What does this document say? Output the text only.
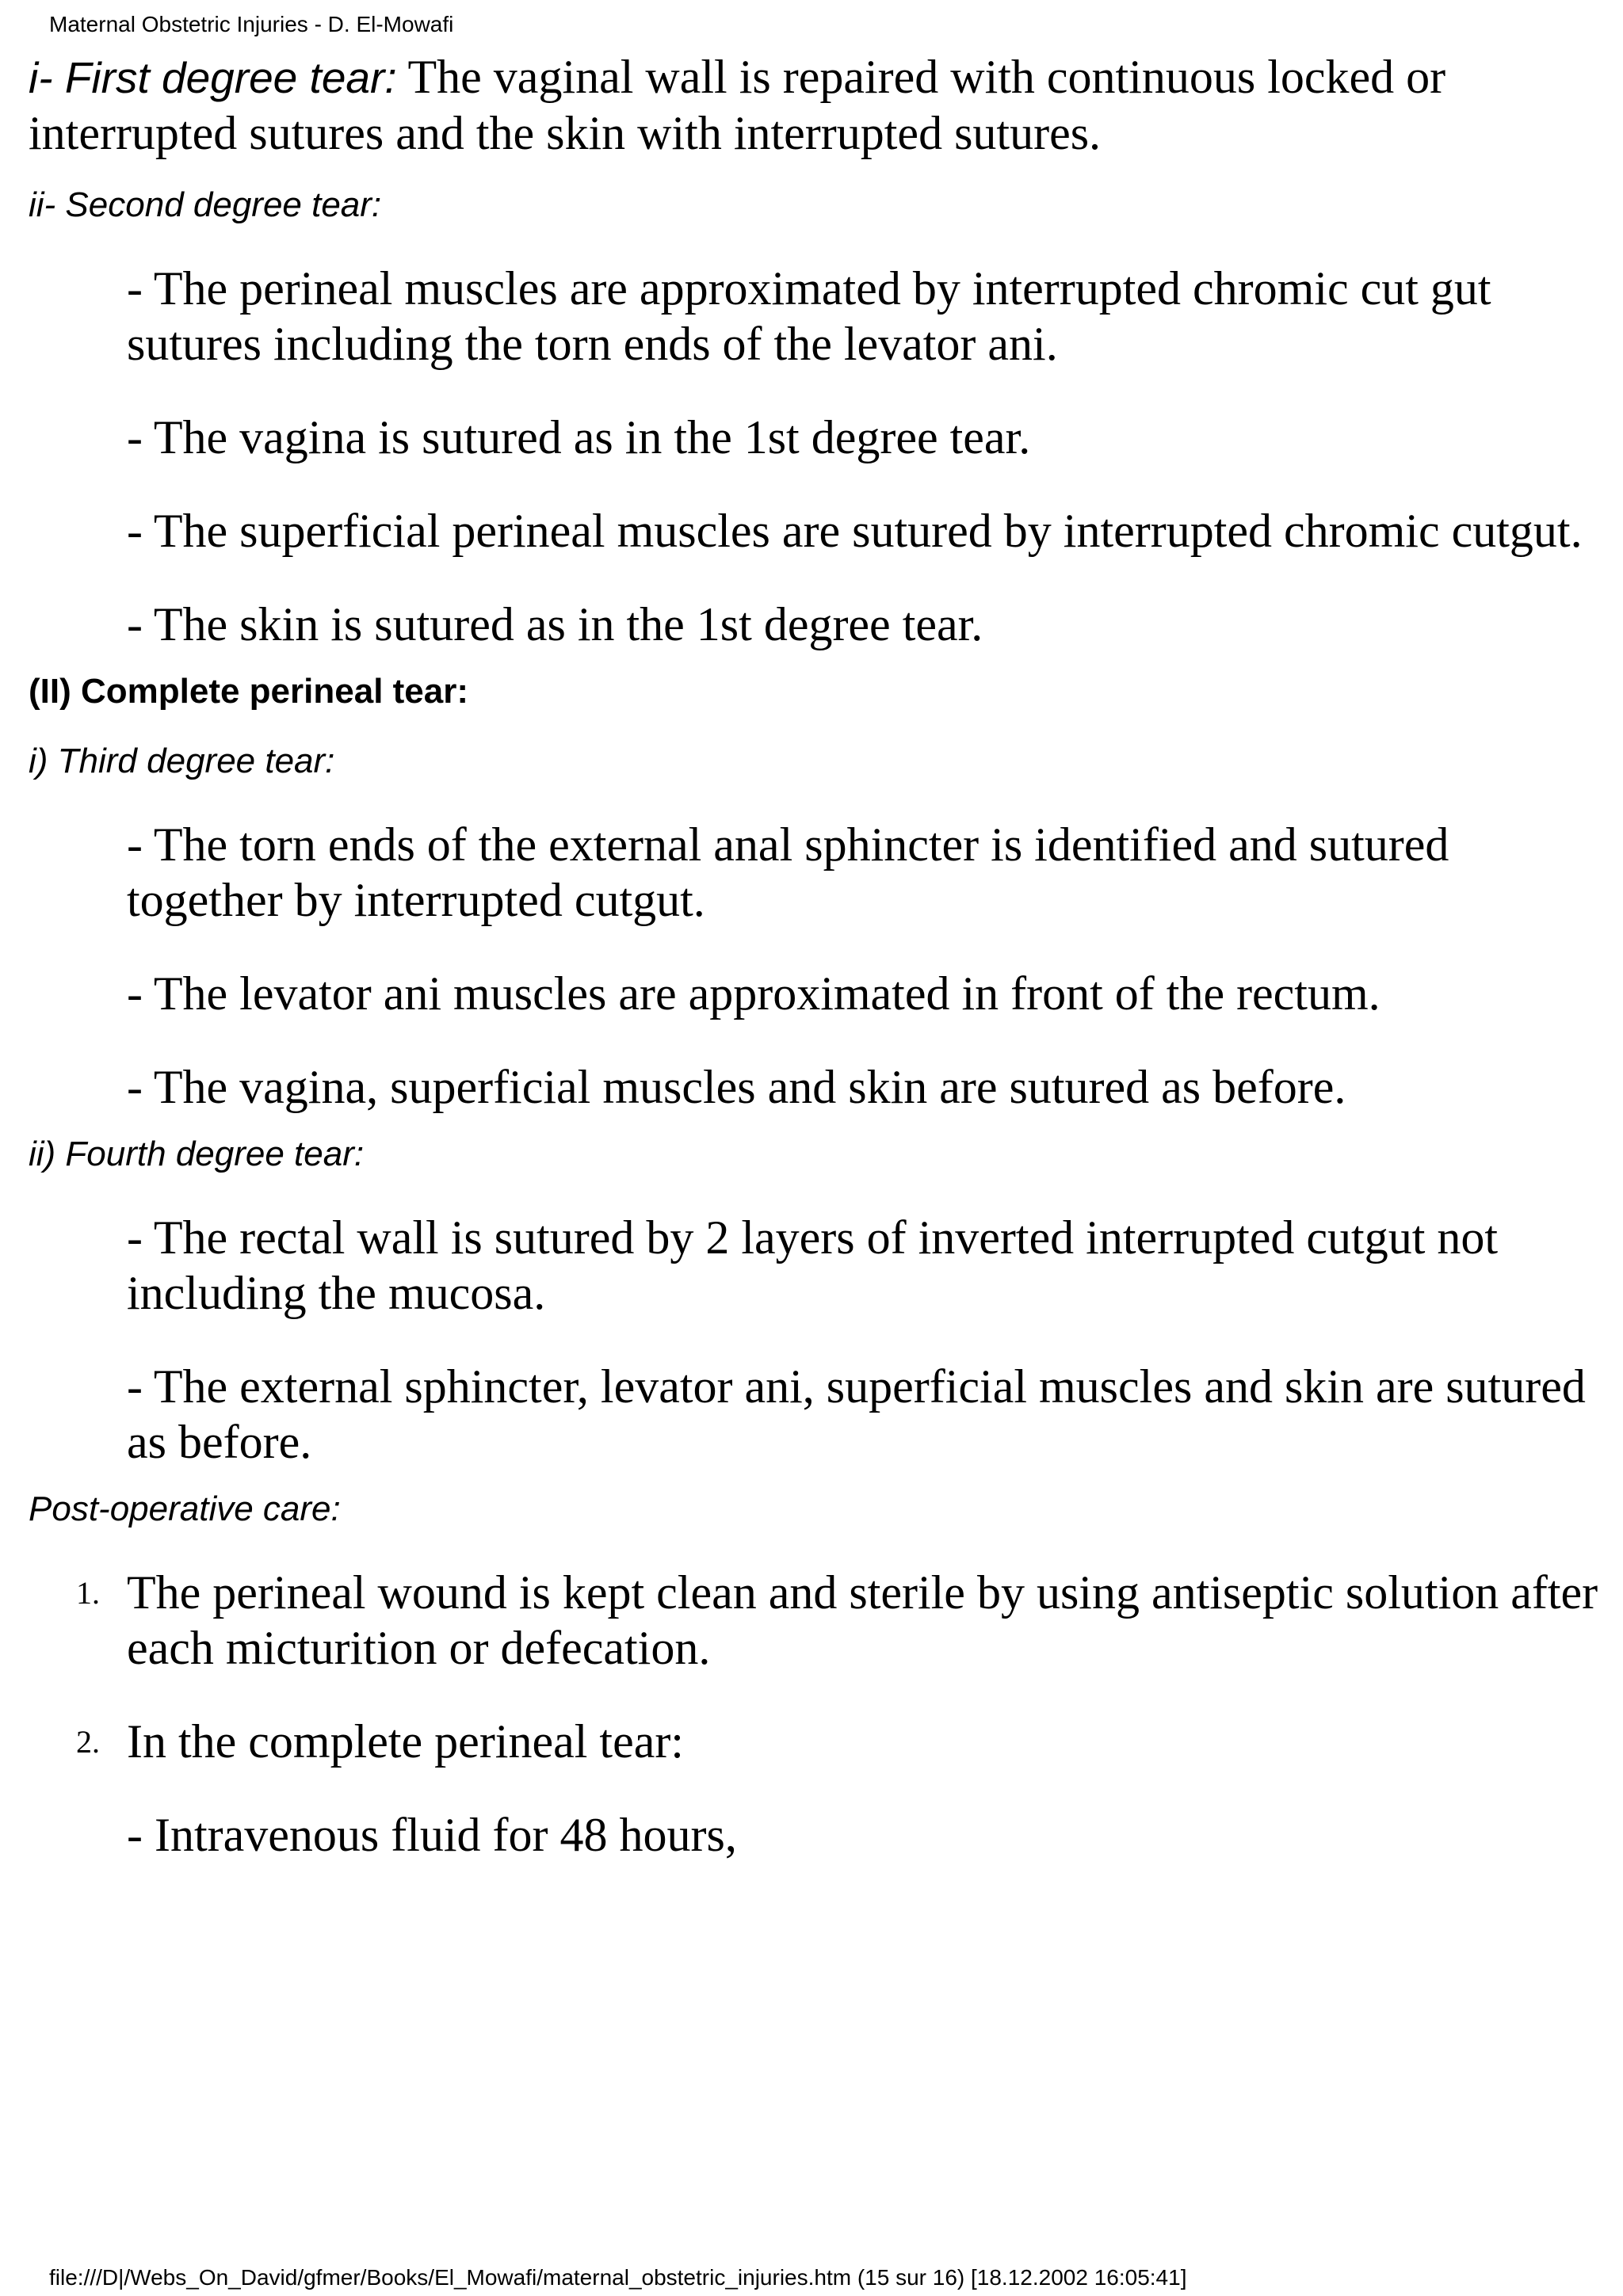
Maternal Obstetric Injuries - D. El-Mowafi

i- First degree tear: The vaginal wall is repaired with continuous locked or interrupted sutures and the skin with interrupted sutures.

ii- Second degree tear:

- The perineal muscles are approximated by interrupted chromic cut gut sutures including the torn ends of the levator ani.

- The vagina is sutured as in the 1st degree tear.

- The superficial perineal muscles are sutured by interrupted chromic cutgut.

- The skin is sutured as in the 1st degree tear.

(II) Complete perineal tear:

i) Third degree tear:

- The torn ends of the external anal sphincter is identified and sutured together by interrupted cutgut.

- The levator ani muscles are approximated in front of the rectum.

- The vagina, superficial muscles and skin are sutured as before.

ii) Fourth degree tear:

- The rectal wall is sutured by 2 layers of inverted interrupted cutgut not including the mucosa.

- The external sphincter, levator ani, superficial muscles and skin are sutured as before.

Post-operative care:

1. The perineal wound is kept clean and sterile by using antiseptic solution after each micturition or defecation.
2. In the complete perineal tear:

- Intravenous fluid for 48 hours,

file:///D|/Webs_On_David/gfmer/Books/El_Mowafi/maternal_obstetric_injuries.htm (15 sur 16) [18.12.2002 16:05:41]
